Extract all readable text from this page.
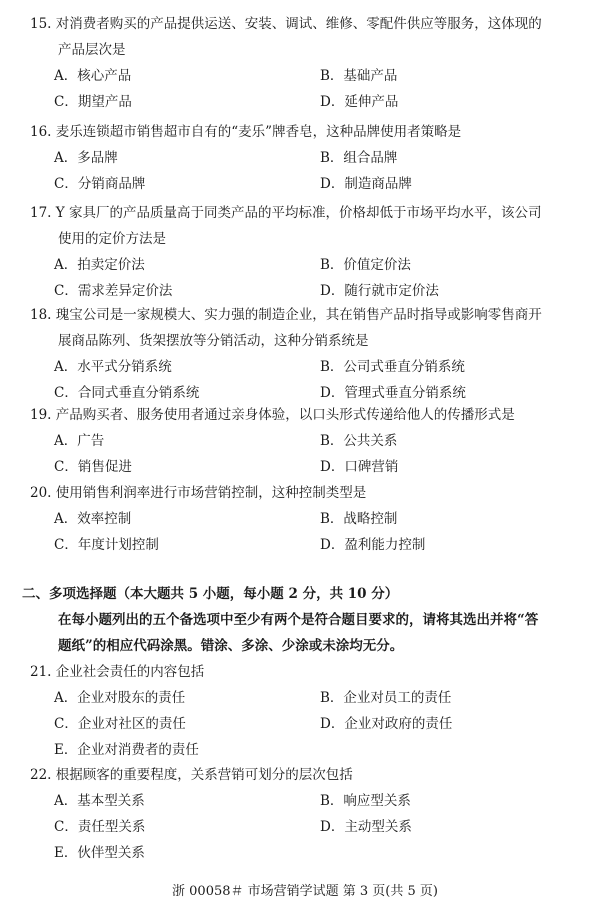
15. 对消费者购买的产品提供运送、安装、调试、维修、零配件供应等服务，这体现的
产品层次是
A．核心产品	B．基础产品
C．期望产品	D．延伸产品
16. 麦乐连锁超市销售超市自有的“麦乐”牌香皂，这种品牌使用者策略是
A．多品牌	B．组合品牌
C．分销商品牌	D．制造商品牌
17. Y 家具厂的产品质量高于同类产品的平均标准，价格却低于市场平均水平，该公司
使用的定价方法是
A．拍卖定价法	B．价值定价法
C．需求差异定价法	D．随行就市定价法
18. 瑰宝公司是一家规模大、实力强的制造企业，其在销售产品时指导或影响零售商开
展商品陈列、货架摆放等分销活动，这种分销系统是
A．水平式分销系统	B．公司式垂直分销系统
C．合同式垂直分销系统	D．管理式垂直分销系统
19. 产品购买者、服务使用者通过亲身体验，以口头形式传递给他人的传播形式是
A．广告	B．公共关系
C．销售促进	D．口碑营销
20. 使用销售利润率进行市场营销控制，这种控制类型是
A．效率控制	B．战略控制
C．年度计划控制	D．盈利能力控制
二、多项选择题（本大题共 5 小题，每小题 2 分，共 10 分）
在每小题列出的五个备选项中至少有两个是符合题目要求的，请将其选出并将“答
题纸”的相应代码涂黑。错涂、多涂、少涂或未涂均无分。
21. 企业社会责任的内容包括
A．企业对股东的责任	B．企业对员工的责任
C．企业对社区的责任	D．企业对政府的责任
E．企业对消费者的责任
22. 根据顾客的重要程度，关系营销可划分的层次包括
A．基本型关系	B．响应型关系
C．责任型关系	D．主动型关系
E．伙伴型关系
浙 00058＃ 市场营销学试题 第 3 页(共 5 页)
